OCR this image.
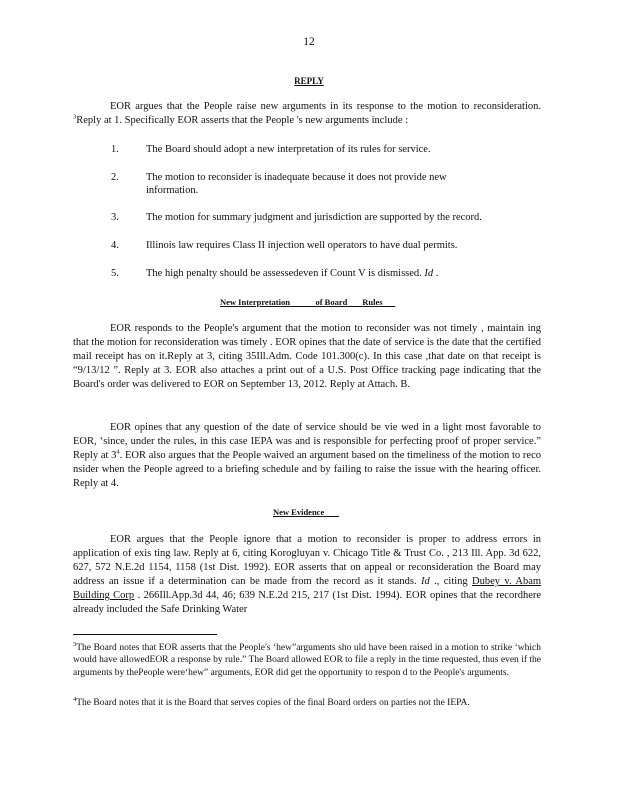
12
REPLY

EOR argues that the People raise new arguments in its response to the motion to reconsideration. $^3$Reply at 1. Specifically EOR asserts that the People 's new arguments include :

1.	The Board should adopt a new interpretation of its rules for service.
2.	The motion to reconsider is inadequate because it does not provide new information.
3.	The motion for summary judgment and jurisdiction are supported by the record.
4.	Illinois law requires Class II injection well operators to have dual permits.
5.	The high penalty should be assessedeven if Count V is dismissed. Id .
New Interpretation	of Board Rules

EOR responds to the People's argument that the motion to reconsider was not timely , maintain ing that the motion for reconsideration was timely . EOR opines that the date of service is the date that the certified mail receipt has on it.Reply at 3, citing 35Ill.Adm. Code 101.300(c). In this case ,that date on that receipt is “9/13/12 ”. Reply at 3. EOR also attaches a print out of a U.S. Post Office tracking page indicating that the Board's order was delivered to EOR on September 13, 2012. Reply at Attach. B.

EOR opines that any question of the date of service should be vie wed in a light most favorable to EOR, ‘since, under the rules, in this case IEPA was and is responsible for perfecting proof of proper service.” Reply at $3^4$. EOR also argues that the People waived an argument based on the timeliness of the motion to reco nsider when the People agreed to a briefing schedule and by failing to raise the issue with the hearing officer. Reply at 4.

New Evidence

EOR argues that the People ignore that a motion to reconsider is proper to address errors in application of exis ting law. Reply at 6, citing Korogluyan v. Chicago Title & Trust Co. , 213 Ill. App. 3d 622, 627, 572 N.E.2d 1154, 1158 (1st Dist. 1992). EOR asserts that on appeal or reconsideration the Board may address an issue if a determination can be made from the record as it stands. Id ., citing Dubey v. Abam Building Corp . 266Ill.App.3d 44, 46; 639 N.E.2d 215, 217 (1st Dist. 1994). EOR opines that the recordhere already included the Safe Drinking Water

$^3$The Board notes that EOR asserts that the People's ‘hew”arguments sho uld have been raised in a motion to strike ‘which would have allowedEOR a response by rule.” The Board allowed EOR to file a reply in the time requested, thus even if the arguments by thePeople were‘hew” arguments, EOR did get the opportunity to respon d to the People's arguments.

$^4$The Board notes that it is the Board that serves copies of the final Board orders on parties not the IEPA.
